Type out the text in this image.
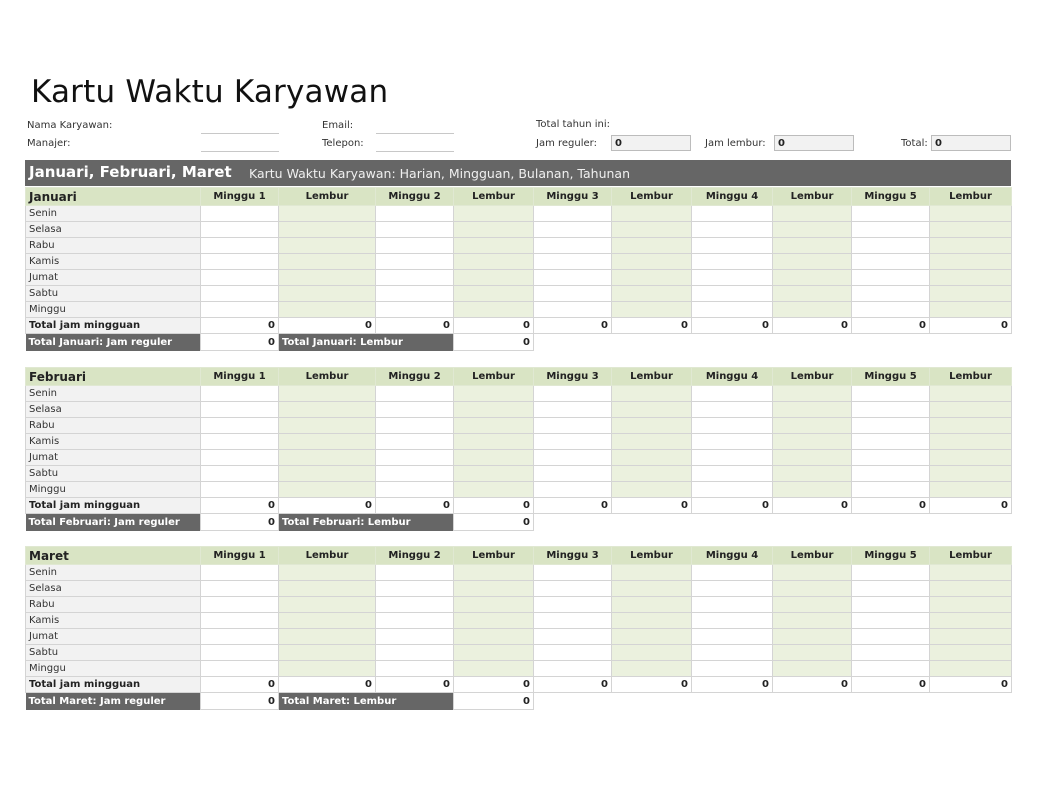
Kartu Waktu Karyawan
Nama Karyawan:
Manajer:
Email:
Telepon:
Total tahun ini:
Jam reguler:	0	Jam lembur:	0	Total: 0
Januari, Februari, Maret Kartu Waktu Karyawan: Harian, Mingguan, Bulanan, Tahunan
Januari	Minggu 1	Lembur	Minggu 2	Lembur	Minggu 3	Lembur	Minggu 4	Lembur	Minggu 5	Lembur
Senin										
Selasa										
Rabu										
Kamis										
Jumat										
Sabtu										
Minggu										
Total jam mingguan	0	0	0	0	0	0	0	0	0	0
Total Januari: Jam reguler	0	Total Januari: Lembur		0						
Februari	Minggu 1	Lembur	Minggu 2	Lembur	Minggu 3	Lembur	Minggu 4	Lembur	Minggu 5	Lembur
Senin										
Selasa										
Rabu										
Kamis										
Jumat										
Sabtu										
Minggu										
Total jam mingguan	0	0	0	0	0	0	0	0	0	0
Total Februari: Jam reguler	0	Total Februari: Lembur		0						
Maret	Minggu 1	Lembur	Minggu 2	Lembur	Minggu 3	Lembur	Minggu 4	Lembur	Minggu 5	Lembur
Senin										
Selasa										
Rabu										
Kamis										
Jumat										
Sabtu										
Minggu										
Total jam mingguan	0	0	0	0	0	0	0	0	0	0
Total Maret: Jam reguler	0	Total Maret: Lembur		0						
